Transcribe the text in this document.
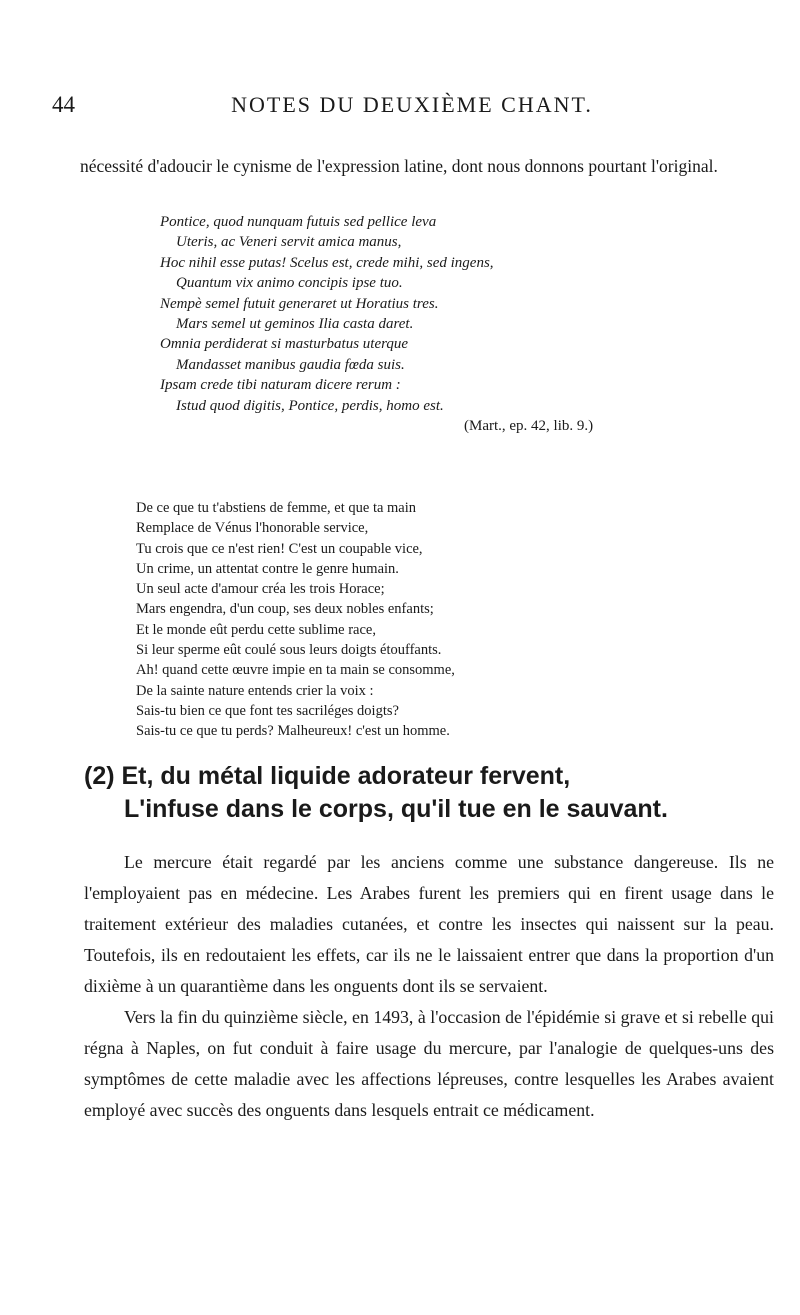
44	NOTES DU DEUXIÈME CHANT.

nécessité d'adoucir le cynisme de l'expression latine, dont nous donnons pourtant l'original.

Pontice, quod nunquam futuis sed pellice leva
Uteris, ac Veneri servit amica manus,
Hoc nihil esse putas! Scelus est, crede mihi, sed ingens,
Quantum vix animo concipis ipse tuo.
Nempè semel futuit generaret ut Horatius tres.
Mars semel ut geminos Ilia casta daret.
Omnia perdiderat si masturbatus uterque
Mandasset manibus gaudia fœda suis.
Ipsam crede tibi naturam dicere rerum :
Istud quod digitis, Pontice, perdis, homo est.
(Mart., ep. 42, lib. 9.)
De ce que tu t'abstiens de femme, et que ta main
Remplace de Vénus l'honorable service,
Tu crois que ce n'est rien! C'est un coupable vice,
Un crime, un attentat contre le genre humain.
Un seul acte d'amour créa les trois Horace;
Mars engendra, d'un coup, ses deux nobles enfants;
Et le monde eût perdu cette sublime race,
Si leur sperme eût coulé sous leurs doigts étouffants.
Ah! quand cette œuvre impie en ta main se consomme,
De la sainte nature entends crier la voix :
Sais-tu bien ce que font tes sacriléges doigts?
Sais-tu ce que tu perds? Malheureux! c'est un homme.
(2) Et, du métal liquide adorateur fervent,
L'infuse dans le corps, qu'il tue en le sauvant.

Le mercure était regardé par les anciens comme une substance dangereuse. Ils ne l'employaient pas en médecine. Les Arabes furent les premiers qui en firent usage dans le traitement extérieur des maladies cutanées, et contre les insectes qui naissent sur la peau. Toutefois, ils en redoutaient les effets, car ils ne le laissaient entrer que dans la proportion d'un dixième à un quarantième dans les onguents dont ils se servaient.

Vers la fin du quinzième siècle, en 1493, à l'occasion de l'épidémie si grave et si rebelle qui régna à Naples, on fut conduit à faire usage du mercure, par l'analogie de quelques-uns des symptômes de cette maladie avec les affections lépreuses, contre lesquelles les Arabes avaient employé avec succès des onguents dans lesquels entrait ce médicament.
